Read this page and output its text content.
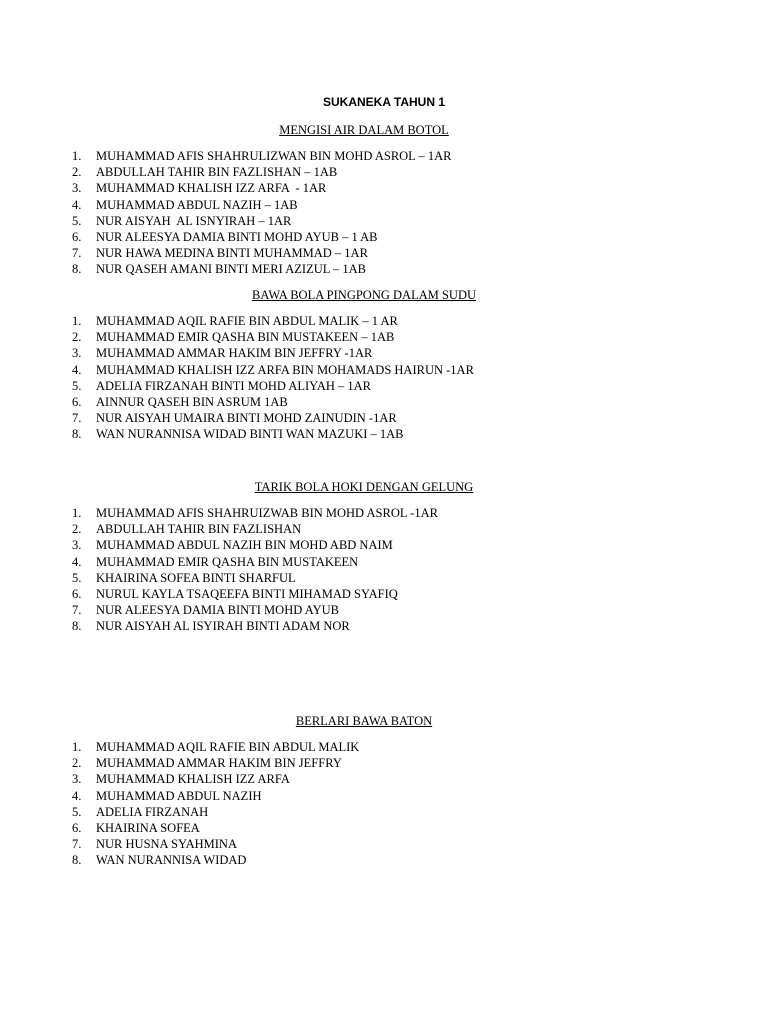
SUKANEKA TAHUN 1
MENGISI AIR DALAM BOTOL
1.	MUHAMMAD AFIS SHAHRULIZWAN BIN MOHD ASROL – 1AR
2.	ABDULLAH TAHIR BIN FAZLISHAN – 1AB
3.	MUHAMMAD KHALISH IZZ ARFA  - 1AR
4.	MUHAMMAD ABDUL NAZIH – 1AB
5.	NUR AISYAH  AL ISNYIRAH – 1AR
6.	NUR ALEESYA DAMIA BINTI MOHD AYUB – 1 AB
7.	NUR HAWA MEDINA BINTI MUHAMMAD – 1AR
8.	NUR QASEH AMANI BINTI MERI AZIZUL – 1AB
BAWA BOLA PINGPONG DALAM SUDU
1.	MUHAMMAD AQIL RAFIE BIN ABDUL MALIK – 1 AR
2.	MUHAMMAD EMIR QASHA BIN MUSTAKEEN – 1AB
3.	MUHAMMAD AMMAR HAKIM BIN JEFFRY -1AR
4.	MUHAMMAD KHALISH IZZ ARFA BIN MOHAMADS HAIRUN -1AR
5.	ADELIA FIRZANAH BINTI MOHD ALIYAH – 1AR
6.	AINNUR QASEH BIN ASRUM 1AB
7.	NUR AISYAH UMAIRA BINTI MOHD ZAINUDIN -1AR
8.	WAN NURANNISA WIDAD BINTI WAN MAZUKI – 1AB
TARIK BOLA HOKI DENGAN GELUNG
1.	MUHAMMAD AFIS SHAHRUIZWAB BIN MOHD ASROL -1AR
2.	ABDULLAH TAHIR BIN FAZLISHAN
3.	MUHAMMAD ABDUL NAZIH BIN MOHD ABD NAIM
4.	MUHAMMAD EMIR QASHA BIN MUSTAKEEN
5.	KHAIRINA SOFEA BINTI SHARFUL
6.	NURUL KAYLA TSAQEEFA BINTI MIHAMAD SYAFIQ
7.	NUR ALEESYA DAMIA BINTI MOHD AYUB
8.	NUR AISYAH AL ISYIRAH BINTI ADAM NOR
BERLARI BAWA BATON
1.	MUHAMMAD AQIL RAFIE BIN ABDUL MALIK
2.	MUHAMMAD AMMAR HAKIM BIN JEFFRY
3.	MUHAMMAD KHALISH IZZ ARFA
4.	MUHAMMAD ABDUL NAZIH
5.	ADELIA FIRZANAH
6.	KHAIRINA SOFEA
7.	NUR HUSNA SYAHMINA
8.	WAN NURANNISA WIDAD
